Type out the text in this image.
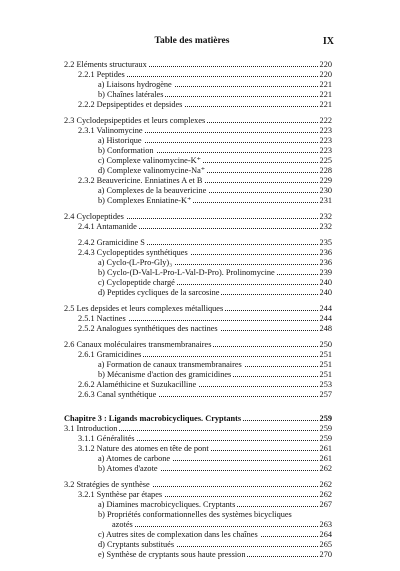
Table des matières	IX
2.2 Eléments structuraux	220
2.2.1 Peptides	220
a) Liaisons hydrogène	221
b) Chaînes latérales	221
2.2.2 Depsipeptides et depsides	221
2.3 Cyclodepsipeptides et leurs complexes	222
2.3.1 Valinomycine	223
a) Historique	223
b) Conformation	223
c) Complexe valinomycine-K⁺	225
d) Complexe valinomycine-Na⁺	228
2.3.2 Beauvericine. Enniatines A et B	229
a) Complexes de la beauvericine	230
b) Complexes Enniatine-K⁺	231
2.4 Cyclopeptides	232
2.4.1 Antamanide	232
2.4.2 Gramicidine S	235
2.4.3 Cyclopeptides synthétiques	236
a) Cyclo-(L-Pro-Gly)₃	236
b) Cyclo-(D-Val-L-Pro-L-Val-D-Pro). Prolinomycine	239
c) Cyclopeptide chargé	240
d) Peptides cycliques de la sarcosine	240
2.5 Les depsides et leurs complexes métalliques	244
2.5.1 Nactines	244
2.5.2 Analogues synthétiques des nactines	248
2.6 Canaux moléculaires transmembranaires	250
2.6.1 Gramicidines	251
a) Formation de canaux transmembranaires	251
b) Mécanisme d'action des gramicidines	251
2.6.2 Alaméthicine et Suzukacilline	253
2.6.3 Canal synthétique	257
Chapitre 3 : Ligands macrobicycliques. Cryptants	259
3.1 Introduction	259
3.1.1 Généralités	259
3.1.2 Nature des atomes en tête de pont	261
a) Atomes de carbone	261
b) Atomes d'azote	262
3.2 Stratégies de synthèse	262
3.2.1 Synthèse par étapes	262
a) Diamines macrobicycliques. Cryptants	267
b) Propriétés conformationnelles des systèmes bicycliques
azotés	263
c) Autres sites de complexation dans les chaînes	264
d) Cryptants substitués	265
e) Synthèse de cryptants sous haute pression	270
